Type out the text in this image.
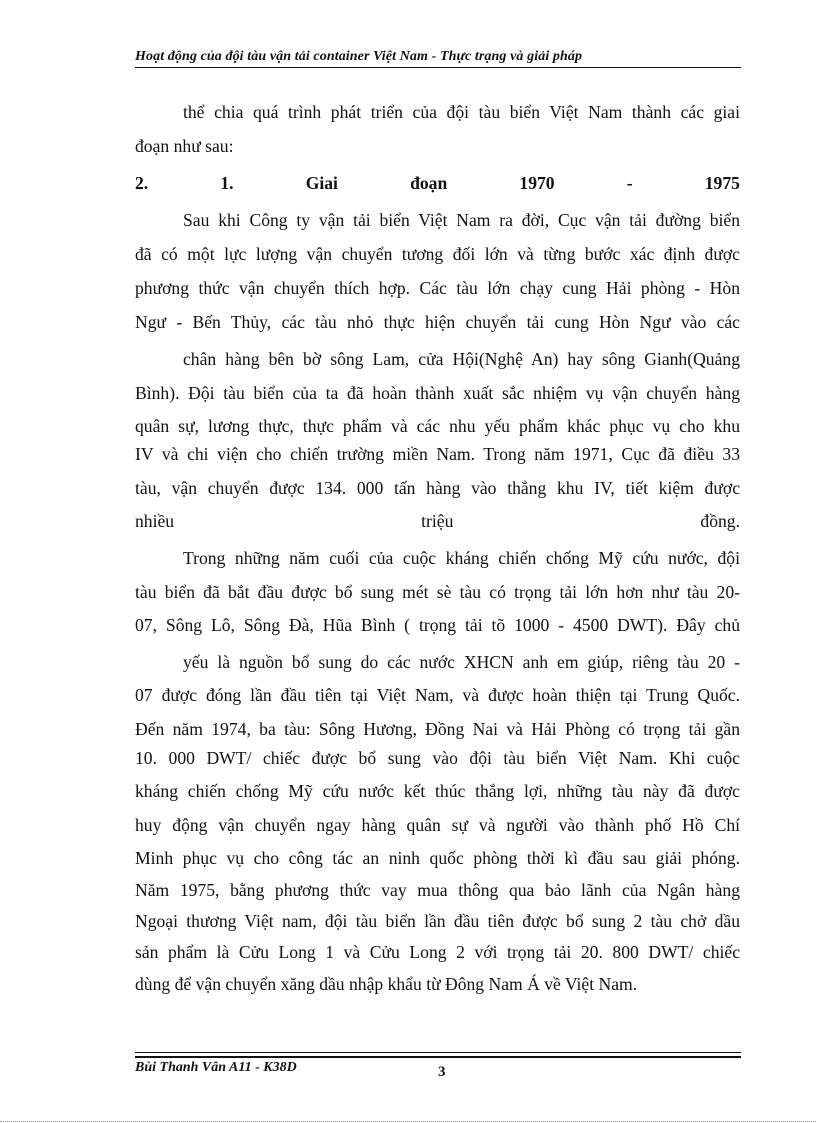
Hoạt động của đội tàu vận tải container Việt Nam - Thực trạng và giải pháp
thể chia quá trình phát triển của đội tàu biển Việt Nam thành các giai
đoạn như sau:
2.	1.	Giai	đoạn	1970	-	1975
Sau khi Công ty vận tải biển Việt Nam ra đời, Cục vận tải đường biển
đã có một lực lượng vận chuyển tương đối lớn và từng bước xác định được
phương thức vận chuyển thích hợp. Các tàu lớn chạy cung Hải phòng - Hòn
Ngư - Bến Thủy, các tàu nhỏ thực hiện chuyển tải cung Hòn Ngư vào các
chân hàng bên bờ sông Lam, cửa Hội(Nghệ An) hay sông Gianh(Quảng
Bình). Đội tàu biển của ta đã hoàn thành xuất sắc nhiệm vụ vận chuyển hàng
quân sự, lương thực, thực phẩm và các nhu yếu phẩm khác phục vụ cho khu
IV và chi viện cho chiến trường miền Nam. Trong năm 1971, Cục đã điều 33
tàu, vận chuyển được 134. 000 tấn hàng vào thẳng khu IV, tiết kiệm được
nhiều triệu đồng.
Trong những năm cuối của cuộc kháng chiến chống Mỹ cứu nước, đội
tàu biển đã bắt đầu được bổ sung mét sè tàu có trọng tải lớn hơn như tàu 20-
07, Sông Lô, Sông Đà, Hũa Bình ( trọng tải tõ 1000 - 4500 DWT). Đây chủ
yếu là nguồn bổ sung do các nước XHCN anh em giúp, riêng tàu 20 -
07 được đóng lần đầu tiên tại Việt Nam, và được hoàn thiện tại Trung Quốc.
Đến năm 1974, ba tàu: Sông Hương, Đồng Nai và Hải Phòng có trọng tải gần
10. 000 DWT/ chiếc được bổ sung vào đội tàu biển Việt Nam. Khi cuộc
kháng chiến chống Mỹ cứu nước kết thúc thắng lợi, những tàu này đã được
huy động vận chuyển ngay hàng quân sự và người vào thành phố Hồ Chí
Minh phục vụ cho công tác an ninh quốc phòng thời kì đầu sau giải phóng.
Năm 1975, bằng phương thức vay mua thông qua bảo lãnh của Ngân hàng
Ngoại thương Việt nam, đội tàu biển lần đầu tiên được bổ sung 2 tàu chở dầu
sản phẩm là Cửu Long 1 và Cửu Long 2 với trọng tải 20. 800 DWT/ chiếc
dùng để vận chuyển xăng dầu nhập khẩu từ Đông Nam Á về Việt Nam.
Bùi Thanh Vân A11 - K38D	3
